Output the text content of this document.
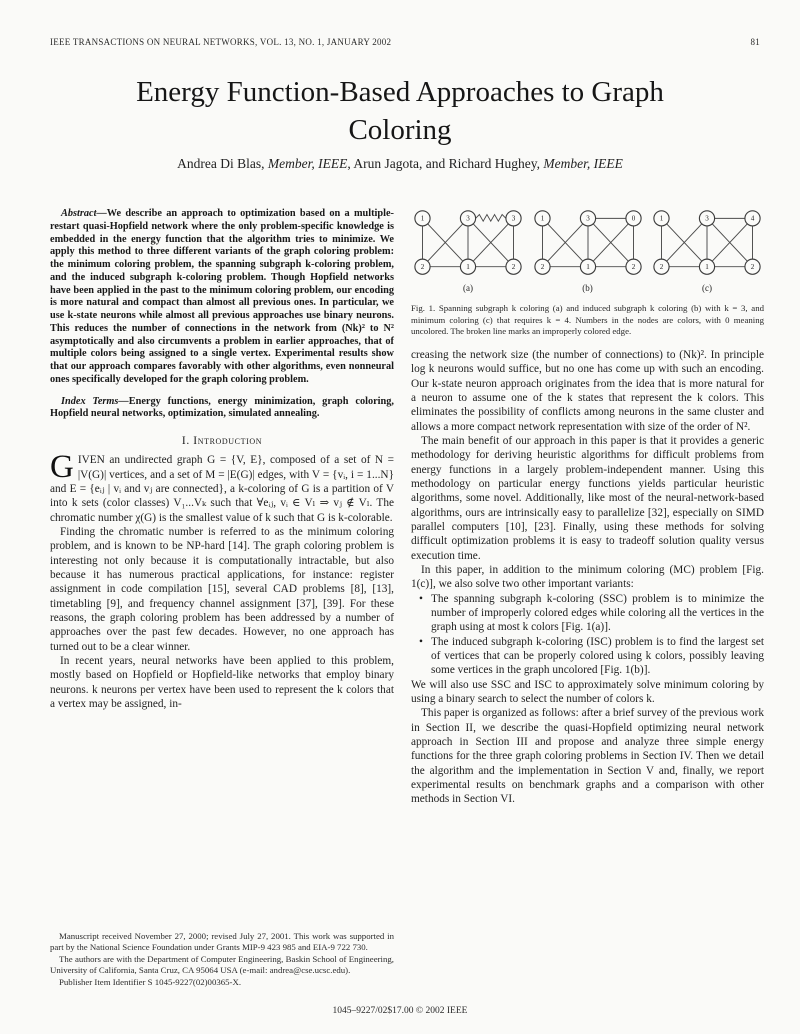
IEEE TRANSACTIONS ON NEURAL NETWORKS, VOL. 13, NO. 1, JANUARY 2002	81
Energy Function-Based Approaches to Graph
Coloring
Andrea Di Blas, Member, IEEE, Arun Jagota, and Richard Hughey, Member, IEEE

Abstract—We describe an approach to optimization based on a multiple-restart quasi-Hopfield network where the only problem-specific knowledge is embedded in the energy function that the algorithm tries to minimize. We apply this method to three different variants of the graph coloring problem: the minimum coloring problem, the spanning subgraph k-coloring problem, and the induced subgraph k-coloring problem. Though Hopfield networks have been applied in the past to the minimum coloring problem, our encoding is more natural and compact than almost all previous ones. In particular, we use k-state neurons while almost all previous approaches use binary neurons. This reduces the number of connections in the network from (Nk)² to N² asymptotically and also circumvents a problem in earlier approaches, that of multiple colors being assigned to a single vertex. Experimental results show that our approach compares favorably with other algorithms, even nonneural ones specifically developed for the graph coloring problem.

Index Terms—Energy functions, energy minimization, graph coloring, Hopfield neural networks, optimization, simulated annealing.

I. Introduction

GIVEN an undirected graph G = {V, E}, composed of a set of N = |V(G)| vertices, and a set of M = |E(G)| edges, with V = {vᵢ, i = 1...N} and E = {eᵢⱼ | vᵢ and vⱼ are connected}, a k-coloring of G is a partition of V into k sets (color classes) V₁...Vₖ such that ∀eᵢⱼ, vᵢ ∈ Vₗ ⇒ vⱼ ∉ Vₗ. The chromatic number χ(G) is the smallest value of k such that G is k-colorable.

Finding the chromatic number is referred to as the minimum coloring problem, and is known to be NP-hard [14]. The graph coloring problem is interesting not only because it is computationally intractable, but also because it has numerous practical applications, for instance: register assignment in code compilation [15], several CAD problems [8], [13], timetabling [9], and frequency channel assignment [37], [39]. For these reasons, the graph coloring problem has been addressed by a number of approaches over the past few decades. However, no one approach has turned out to be a clear winner.

In recent years, neural networks have been applied to this problem, mostly based on Hopfield or Hopfield-like networks that employ binary neurons. k neurons per vertex have been used to represent the k colors that a vertex may be assigned, in-

Manuscript received November 27, 2000; revised July 27, 2001. This work was supported in part by the National Science Foundation under Grants MIP-9 423 985 and EIA-9 722 730.

The authors are with the Department of Computer Engineering, Baskin School of Engineering, University of California, Santa Cruz, CA 95064 USA (e-mail: andrea@cse.ucsc.edu).

Publisher Item Identifier S 1045-9227(02)00365-X.

1	3	3
2	1	2
(a)
1	3	0
2	1	2
(b)
1	3	4
2	1	2
(c)
Fig. 1. Spanning subgraph k coloring (a) and induced subgraph k coloring (b) with k = 3, and minimum coloring (c) that requires k = 4. Numbers in the nodes are colors, with 0 meaning uncolored. The broken line marks an improperly colored edge.

creasing the network size (the number of connections) to (Nk)². In principle log k neurons would suffice, but no one has come up with such an encoding. Our k-state neuron approach originates from the idea that is more natural for a neuron to assume one of the k states that represent the k colors. This eliminates the possibility of conflicts among neurons in the same cluster and allows a more compact network representation with size of the order of N².

The main benefit of our approach in this paper is that it provides a generic methodology for deriving heuristic algorithms for difficult problems from energy functions in a largely problem-independent manner. Using this methodology on particular energy functions yields particular heuristic algorithms, some novel. Additionally, like most of the neural-network-based algorithms, ours are intrinsically easy to parallelize [32], especially on SIMD parallel computers [10], [23]. Finally, using these methods for solving difficult optimization problems it is easy to tradeoff solution quality versus execution time.

In this paper, in addition to the minimum coloring (MC) problem [Fig. 1(c)], we also solve two other important variants:

• The spanning subgraph k-coloring (SSC) problem is to minimize the number of improperly colored edges while coloring all the vertices in the graph using at most k colors [Fig. 1(a)].
• The induced subgraph k-coloring (ISC) problem is to find the largest set of vertices that can be properly colored using k colors, possibly leaving some vertices in the graph uncolored [Fig. 1(b)].

We will also use SSC and ISC to approximately solve minimum coloring by using a binary search to select the number of colors k.

This paper is organized as follows: after a brief survey of the previous work in Section II, we describe the quasi-Hopfield optimizing neural network approach in Section III and propose and analyze three simple energy functions for the three graph coloring problems in Section IV. Then we detail the algorithm and the implementation in Section V and, finally, we report experimental results on benchmark graphs and a comparison with other methods in Section VI.

1045–9227/02$17.00 © 2002 IEEE
